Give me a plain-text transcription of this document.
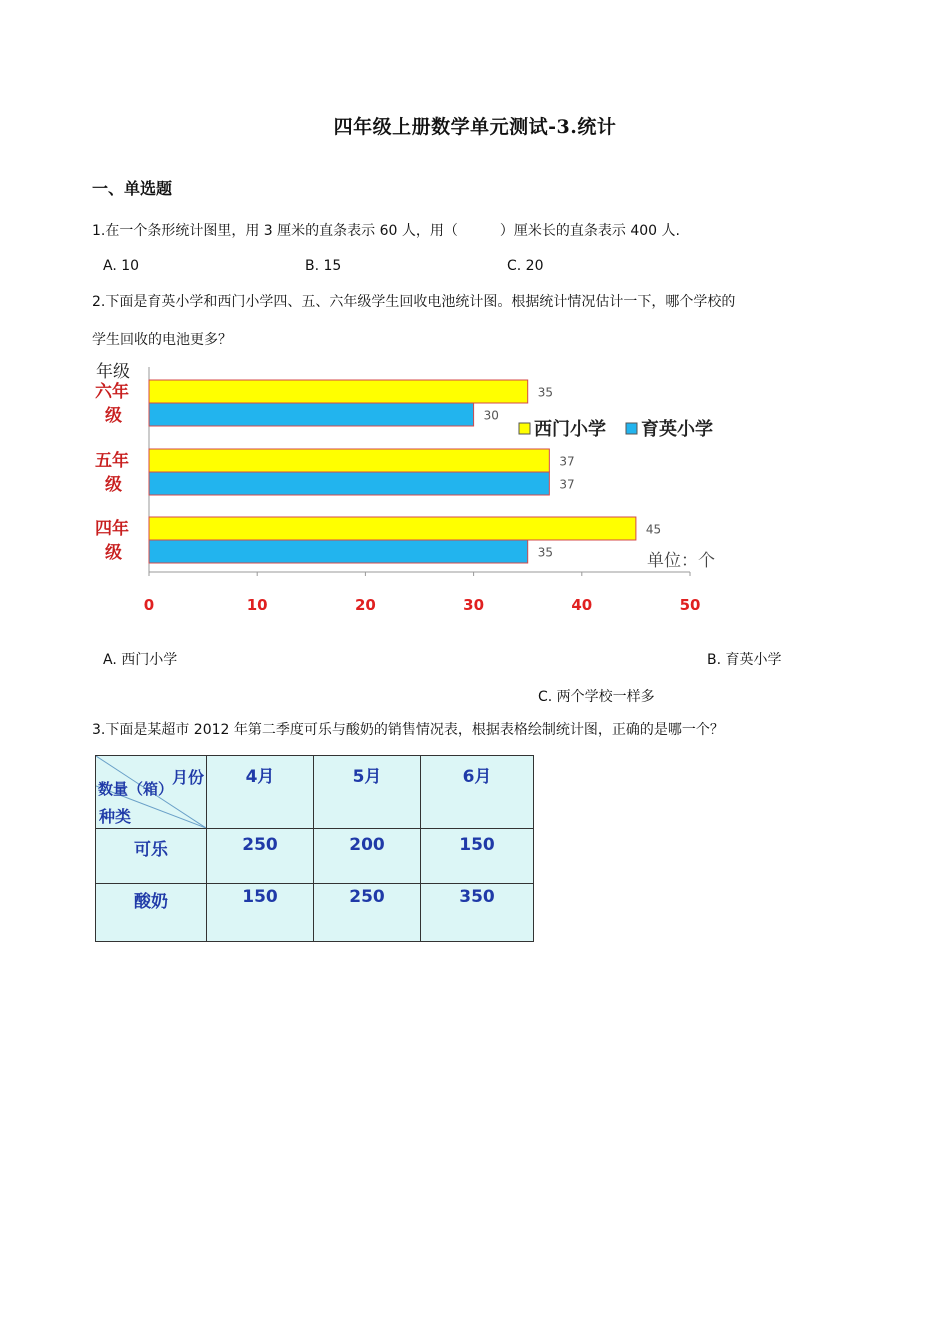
四年级上册数学单元测试-3.统计
一、单选题
1.在一个条形统计图里，用 3 厘米的直条表示 60 人，用（　　　）厘米长的直条表示 400 人.
A. 10	B. 15	C. 20
2.下面是育英小学和西门小学四、五、六年级学生回收电池统计图。根据统计情况估计一下，哪个学校的
学生回收的电池更多？
0	10	20	30	40	50
年级
35
30
六年
级
37
37
五年
级
45
35
四年
级
西门小学 育英小学
单位：个
A. 西门小学	B. 育英小学
C. 两个学校一样多
3.下面是某超市 2012 年第二季度可乐与酸奶的销售情况表，根据表格绘制统计图，正确的是哪一个？
月份
数量（箱）
种类	4月	5月	6月
可乐	250	200	150
酸奶	150	250	350
